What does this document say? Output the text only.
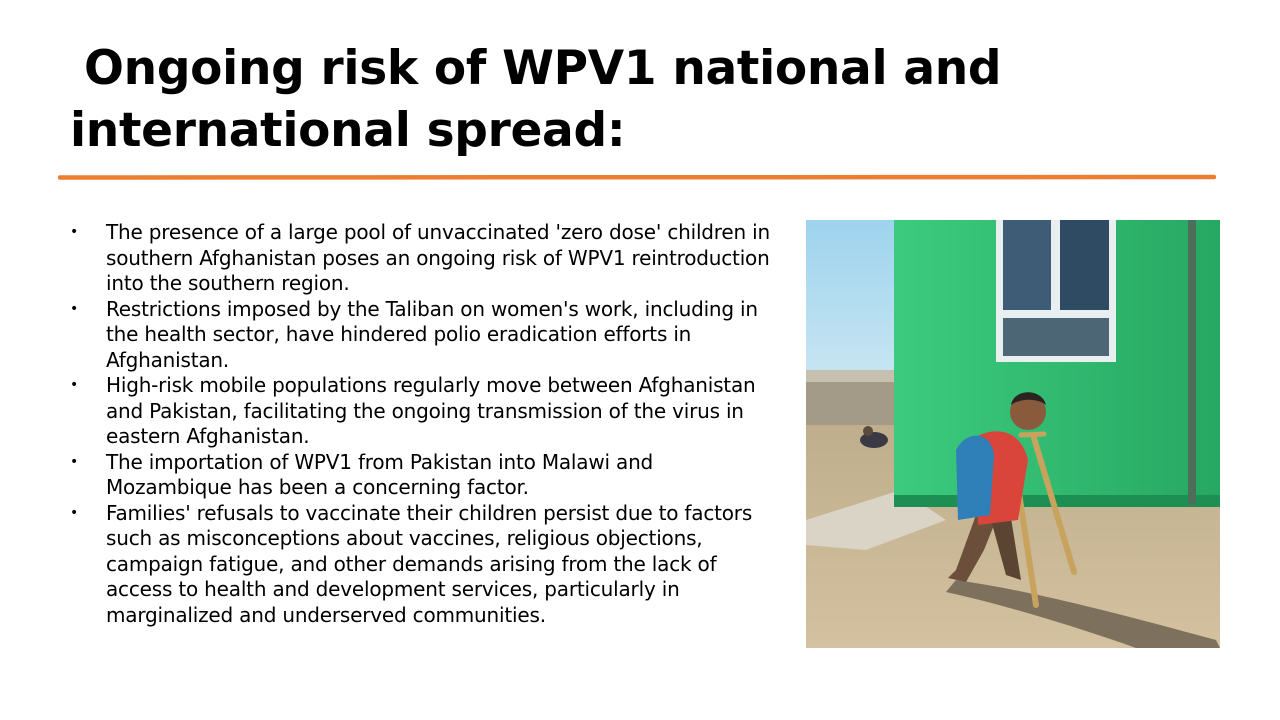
Ongoing risk of WPV1 national and
international spread:
• The presence of a large pool of unvaccinated 'zero dose' children in southern Afghanistan poses an ongoing risk of WPV1 reintroduction into the southern region.
• Restrictions imposed by the Taliban on women's work, including in the health sector, have hindered polio eradication efforts in Afghanistan.
• High-risk mobile populations regularly move between Afghanistan and Pakistan, facilitating the ongoing transmission of the virus in eastern Afghanistan.
• The importation of WPV1 from Pakistan into Malawi and Mozambique has been a concerning factor.
• Families' refusals to vaccinate their children persist due to factors such as misconceptions about vaccines, religious objections, campaign fatigue, and other demands arising from the lack of access to health and development services, particularly in marginalized and underserved communities.
